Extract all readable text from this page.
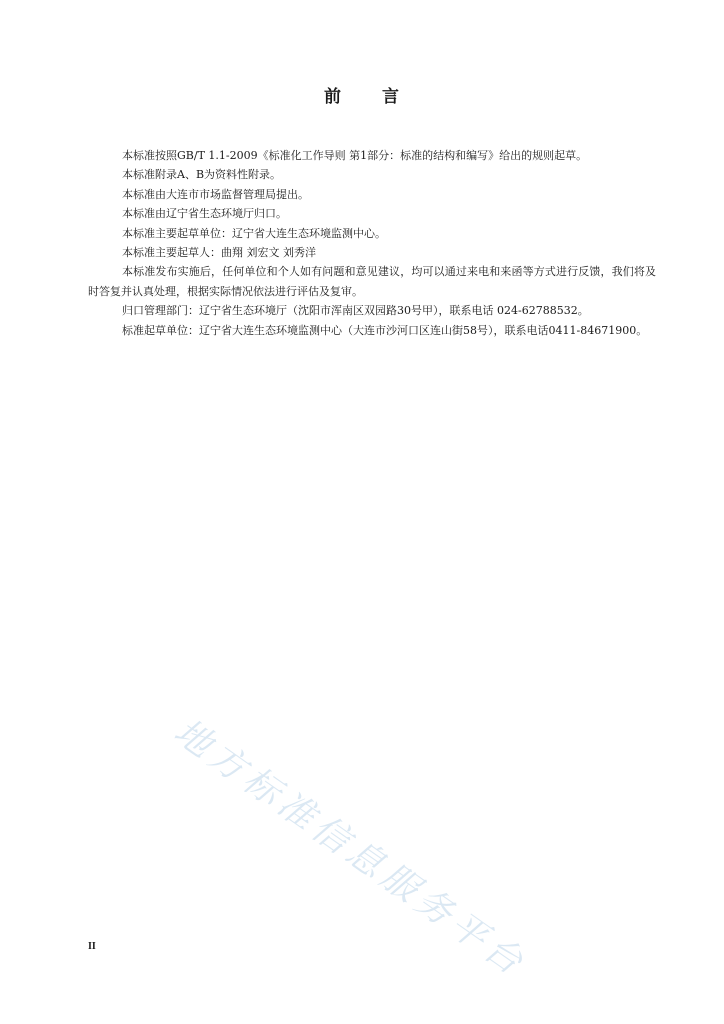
前 言

本标准按照GB/T 1.1-2009《标准化工作导则 第1部分：标准的结构和编写》给出的规则起草。

本标准附录A、B为资料性附录。

本标准由大连市市场监督管理局提出。

本标准由辽宁省生态环境厅归口。

本标准主要起草单位：辽宁省大连生态环境监测中心。

本标准主要起草人：曲翔 刘宏文 刘秀洋

本标准发布实施后，任何单位和个人如有问题和意见建议，均可以通过来电和来函等方式进行反馈，我们将及时答复并认真处理，根据实际情况依法进行评估及复审。

归口管理部门：辽宁省生态环境厅（沈阳市浑南区双园路30号甲），联系电话 024-62788532。

标准起草单位：辽宁省大连生态环境监测中心（大连市沙河口区连山街58号），联系电话0411-84671900。

地方标准信息服务平台
II
